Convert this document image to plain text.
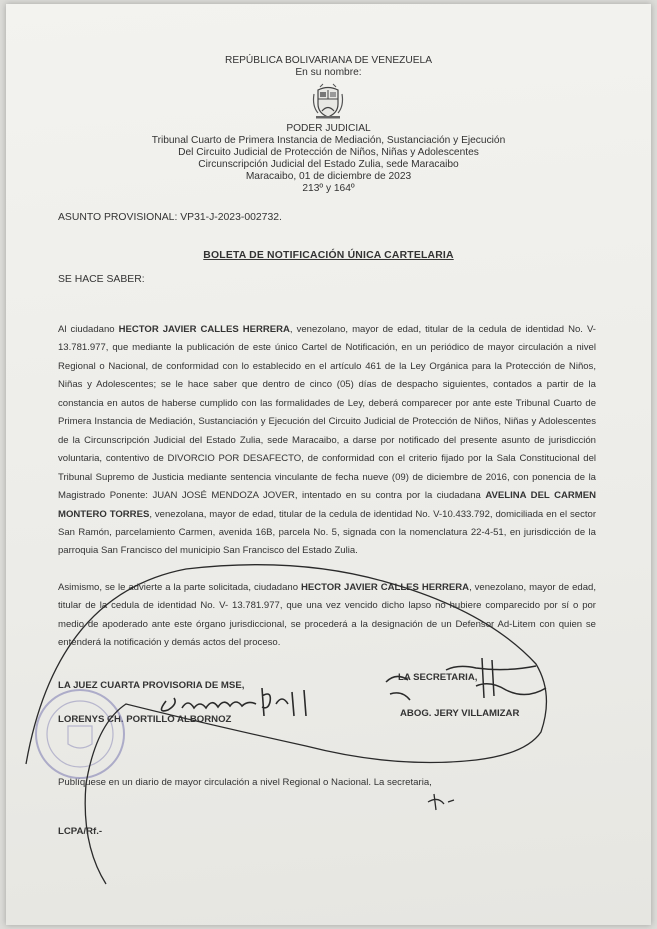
REPÚBLICA BOLIVARIANA DE VENEZUELA
En su nombre:
PODER JUDICIAL
Tribunal Cuarto de Primera Instancia de Mediación, Sustanciación y Ejecución
Del Circuito Judicial de Protección de Niños, Niñas y Adolescentes
Circunscripción Judicial del Estado Zulia, sede Maracaibo
Maracaibo, 01 de diciembre de 2023
213º y 164º
ASUNTO PROVISIONAL: VP31-J-2023-002732.
BOLETA DE NOTIFICACIÓN ÚNICA CARTELARIA
SE HACE SABER:
Al ciudadano HECTOR JAVIER CALLES HERRERA, venezolano, mayor de edad, titular de la cedula de identidad No. V-13.781.977, que mediante la publicación de este único Cartel de Notificación, en un periódico de mayor circulación a nivel Regional o Nacional, de conformidad con lo establecido en el artículo 461 de la Ley Orgánica para la Protección de Niños, Niñas y Adolescentes; se le hace saber que dentro de cinco (05) días de despacho siguientes, contados a partir de la constancia en autos de haberse cumplido con las formalidades de Ley, deberá comparecer por ante este Tribunal Cuarto de Primera Instancia de Mediación, Sustanciación y Ejecución del Circuito Judicial de Protección de Niños, Niñas y Adolescentes de la Circunscripción Judicial del Estado Zulia, sede Maracaibo, a darse por notificado del presente asunto de jurisdicción voluntaria, contentivo de DIVORCIO POR DESAFECTO, de conformidad con el criterio fijado por la Sala Constitucional del Tribunal Supremo de Justicia mediante sentencia vinculante de fecha nueve (09) de diciembre de 2016, con ponencia de la Magistrado Ponente: JUAN JOSÉ MENDOZA JOVER, intentado en su contra por la ciudadana AVELINA DEL CARMEN MONTERO TORRES, venezolana, mayor de edad, titular de la cedula de identidad No. V-10.433.792, domiciliada en el sector San Ramón, parcelamiento Carmen, avenida 16B, parcela No. 5, signada con la nomenclatura 22-4-51, en jurisdicción de la parroquia San Francisco del municipio San Francisco del Estado Zulia.
Asimismo, se le advierte a la parte solicitada, ciudadano HECTOR JAVIER CALLES HERRERA, venezolano, mayor de edad, titular de la cedula de identidad No. V- 13.781.977, que una vez vencido dicho lapso no hubiere comparecido por sí o por medio de apoderado ante este órgano jurisdiccional, se procederá a la designación de un Defensor Ad-Litem con quien se entenderá la notificación y demás actos del proceso.
LA JUEZ CUARTA PROVISORIA DE MSE,
LORENYS CH. PORTILLO ALBORNOZ
LA SECRETARIA,
ABOG. JERY VILLAMIZAR
Publíquese en un diario de mayor circulación a nivel Regional o Nacional. La secretaria,
LCPA/Rf.-
